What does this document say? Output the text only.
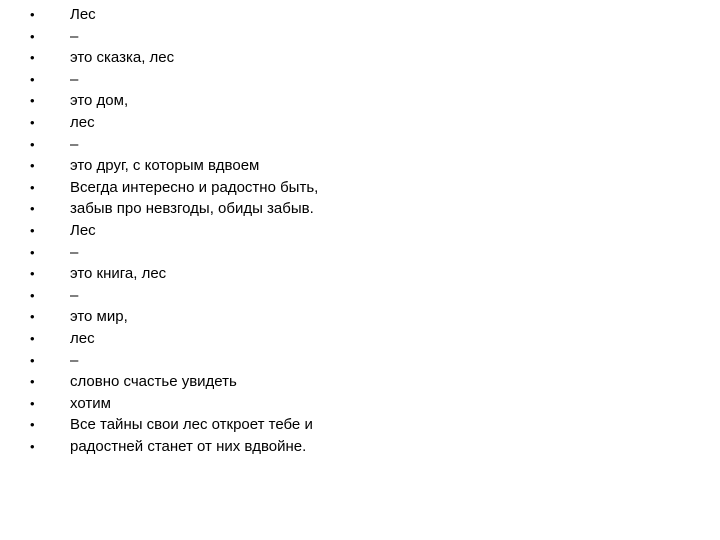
•	Лес
•	–
•	это сказка, лес
•	–
•	это дом,
•	лес
•	–
•	это друг, с которым вдвоем
•	Всегда интересно и радостно быть,
•	забыв про невзгоды, обиды забыв.
•	Лес
•	–
•	это книга, лес
•	–
•	это мир,
•	лес
•	–
•	словно счастье увидеть
•	хотим
•	Все тайны свои лес откроет тебе и
•	радостней станет от них вдвойне.
